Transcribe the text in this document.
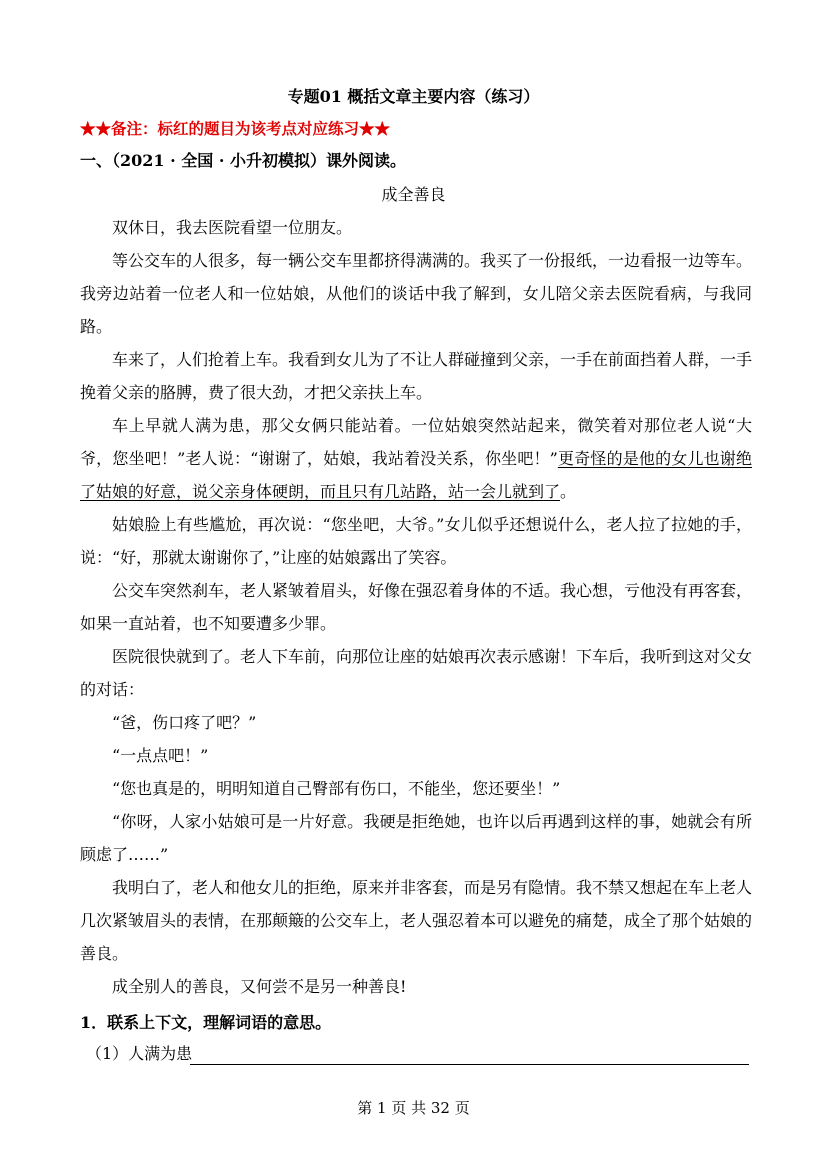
专题01 概括文章主要内容（练习）
★★备注：标红的题目为该考点对应练习★★
一、（2021 · 全国 · 小升初模拟）课外阅读。
成全善良

双休日，我去医院看望一位朋友。

等公交车的人很多，每一辆公交车里都挤得满满的。我买了一份报纸，一边看报一边等车。我旁边站着一位老人和一位姑娘，从他们的谈话中我了解到，女儿陪父亲去医院看病，与我同路。

车来了，人们抢着上车。我看到女儿为了不让人群碰撞到父亲，一手在前面挡着人群，一手挽着父亲的胳膊，费了很大劲，才把父亲扶上车。

车上早就人满为患，那父女俩只能站着。一位姑娘突然站起来，微笑着对那位老人说“大爷，您坐吧！”老人说：“谢谢了，姑娘，我站着没关系，你坐吧！”更奇怪的是他的女儿也谢绝了姑娘的好意，说父亲身体硬朗，而且只有几站路，站一会儿就到了。

姑娘脸上有些尴尬，再次说：“您坐吧，大爷。”女儿似乎还想说什么，老人拉了拉她的手，说：“好，那就太谢谢你了，”让座的姑娘露出了笑容。

公交车突然刹车，老人紧皱着眉头，好像在强忍着身体的不适。我心想，亏他没有再客套，如果一直站着，也不知要遭多少罪。

医院很快就到了。老人下车前，向那位让座的姑娘再次表示感谢！下车后，我听到这对父女的对话：

“爸，伤口疼了吧？”

“一点点吧！”

“您也真是的，明明知道自己臀部有伤口，不能坐，您还要坐！”

“你呀，人家小姑娘可是一片好意。我硬是拒绝她，也许以后再遇到这样的事，她就会有所顾虑了……”

我明白了，老人和他女儿的拒绝，原来并非客套，而是另有隐情。我不禁又想起在车上老人几次紧皱眉头的表情，在那颠簸的公交车上，老人强忍着本可以避免的痛楚，成全了那个姑娘的善良。

成全别人的善良，又何尝不是另一种善良!

1．联系上下文，理解词语的意思。
（1）人满为患
第 1 页 共 32 页
